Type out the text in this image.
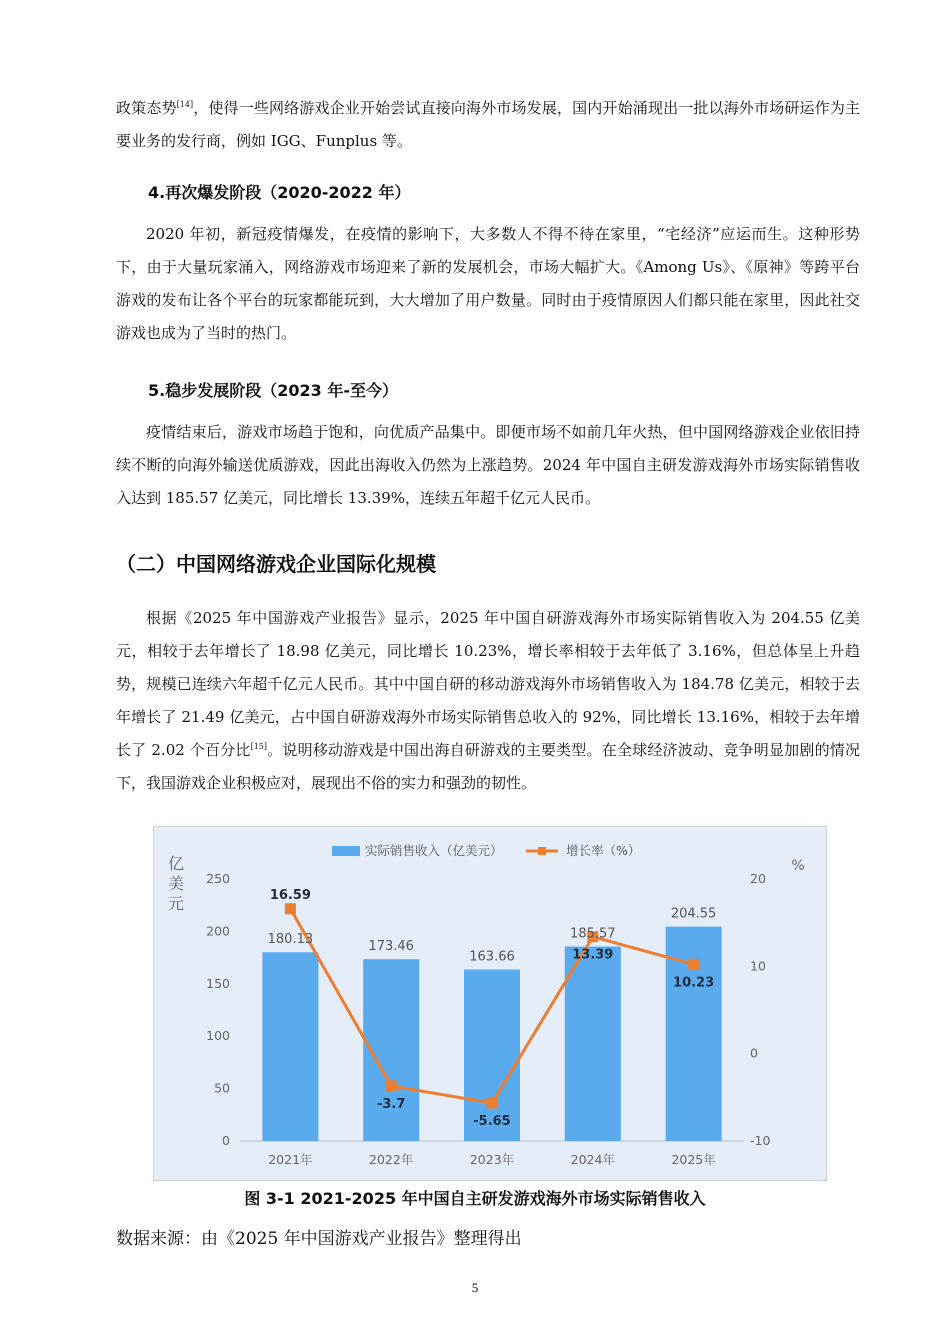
政策态势[14]，使得一些网络游戏企业开始尝试直接向海外市场发展，国内开始涌现出一批以海外市场研运作为主要业务的发行商，例如 IGG、Funplus 等。

4.再次爆发阶段（2020-2022 年）

2020 年初，新冠疫情爆发，在疫情的影响下，大多数人不得不待在家里，“宅经济”应运而生。这种形势下，由于大量玩家涌入，网络游戏市场迎来了新的发展机会，市场大幅扩大。《Among Us》、《原神》等跨平台游戏的发布让各个平台的玩家都能玩到，大大增加了用户数量。同时由于疫情原因人们都只能在家里，因此社交游戏也成为了当时的热门。

5.稳步发展阶段（2023 年-至今）

疫情结束后，游戏市场趋于饱和，向优质产品集中。即便市场不如前几年火热，但中国网络游戏企业依旧持续不断的向海外输送优质游戏，因此出海收入仍然为上涨趋势。2024 年中国自主研发游戏海外市场实际销售收入达到 185.57 亿美元，同比增长 13.39%，连续五年超千亿元人民币。

（二）中国网络游戏企业国际化规模

根据《2025 年中国游戏产业报告》显示，2025 年中国自研游戏海外市场实际销售收入为 204.55 亿美元，相较于去年增长了 18.98 亿美元，同比增长 10.23%，增长率相较于去年低了 3.16%，但总体呈上升趋势，规模已连续六年超千亿元人民币。其中中国自研的移动游戏海外市场销售收入为 184.78 亿美元，相较于去年增长了 21.49 亿美元，占中国自研游戏海外市场实际销售总收入的 92%，同比增长 13.16%，相较于去年增长了 2.02 个百分比[15]。说明移动游戏是中国出海自研游戏的主要类型。在全球经济波动、竞争明显加剧的情况下，我国游戏企业积极应对，展现出不俗的实力和强劲的韧性。

实际销售收入（亿美元）	增长率（%）
亿美元
%
0
50
100
150
200
250
-10
0
10
20
2021年	2022年	2023年	2024年	2025年
180.13	173.46
163.66
185.57
204.55
16.59
-3.7
-5.65
13.39
10.23

图 3-1 2021-2025 年中国自主研发游戏海外市场实际销售收入

数据来源：由《2025 年中国游戏产业报告》整理得出

5
